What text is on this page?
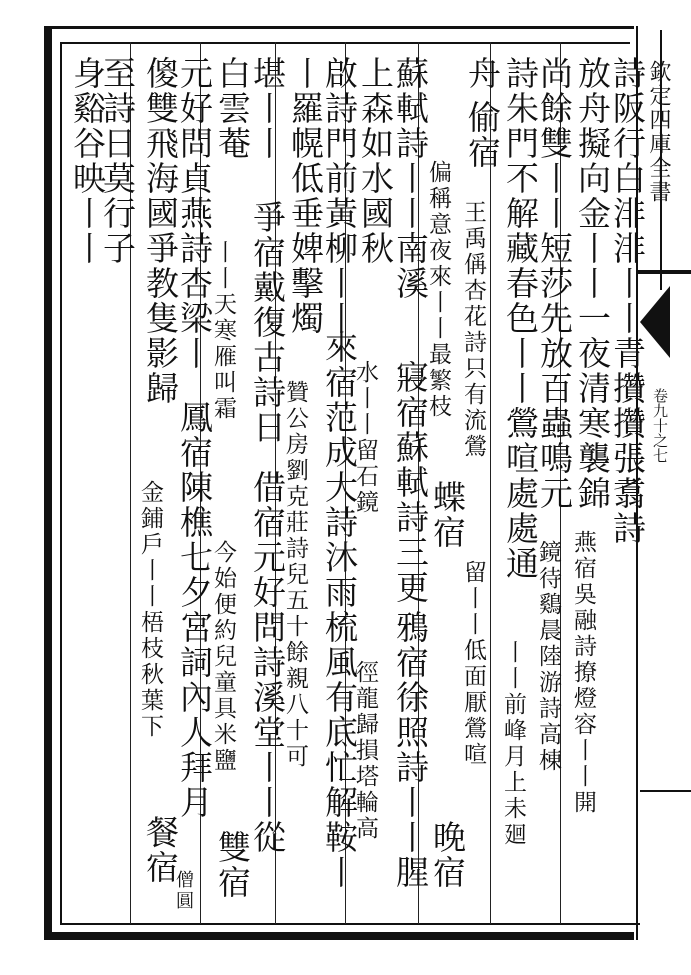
欽定四庫全書
卷九十之七
詩阪行白渄渄丨丨青攢攢張翥詩
放舟擬向金丨丨一夜清寒襲錦
燕宿吳融詩撩燈容丨丨開
尚餘雙丨丨短莎先放百蟲鳴元
鏡待鷄晨陸游詩高棟
詩朱門不解藏春色丨丨鶯喧處處通
丨丨前峰月上未廻
舟
偷宿
王禹偁杏花詩只有流鶯
偏稱意夜來丨丨最繁枝
蝶宿
留丨丨低面厭鶯喧
晚宿
蘇軾詩丨丨南溪
寢宿蘇軾詩三更
鴉宿徐照詩丨丨腥
上森如水國秋
水丨丨留石鏡
徑龍歸損塔輪高
啟詩門前黃柳丨丨
來宿范成大詩沐雨梳風有底忙解鞍丨
丨羅幌低垂婢擊燭
贊公房劉克莊詩兒五十餘親八十可
堪丨丨
爭宿戴復古詩日
借宿元好問詩溪堂丨丨從
白雲菴
丨丨天寒雁叫霜
今始便約兒童具米鹽
雙宿
元好問貞燕詩杏梁丨
鳳宿陳樵七夕宮詞內人拜月
傻雙飛海國爭教隻影歸
金鋪戶丨丨梧枝秋葉下
餐宿
僧圓
至詩日莫行子
身谿谷映丨丨
